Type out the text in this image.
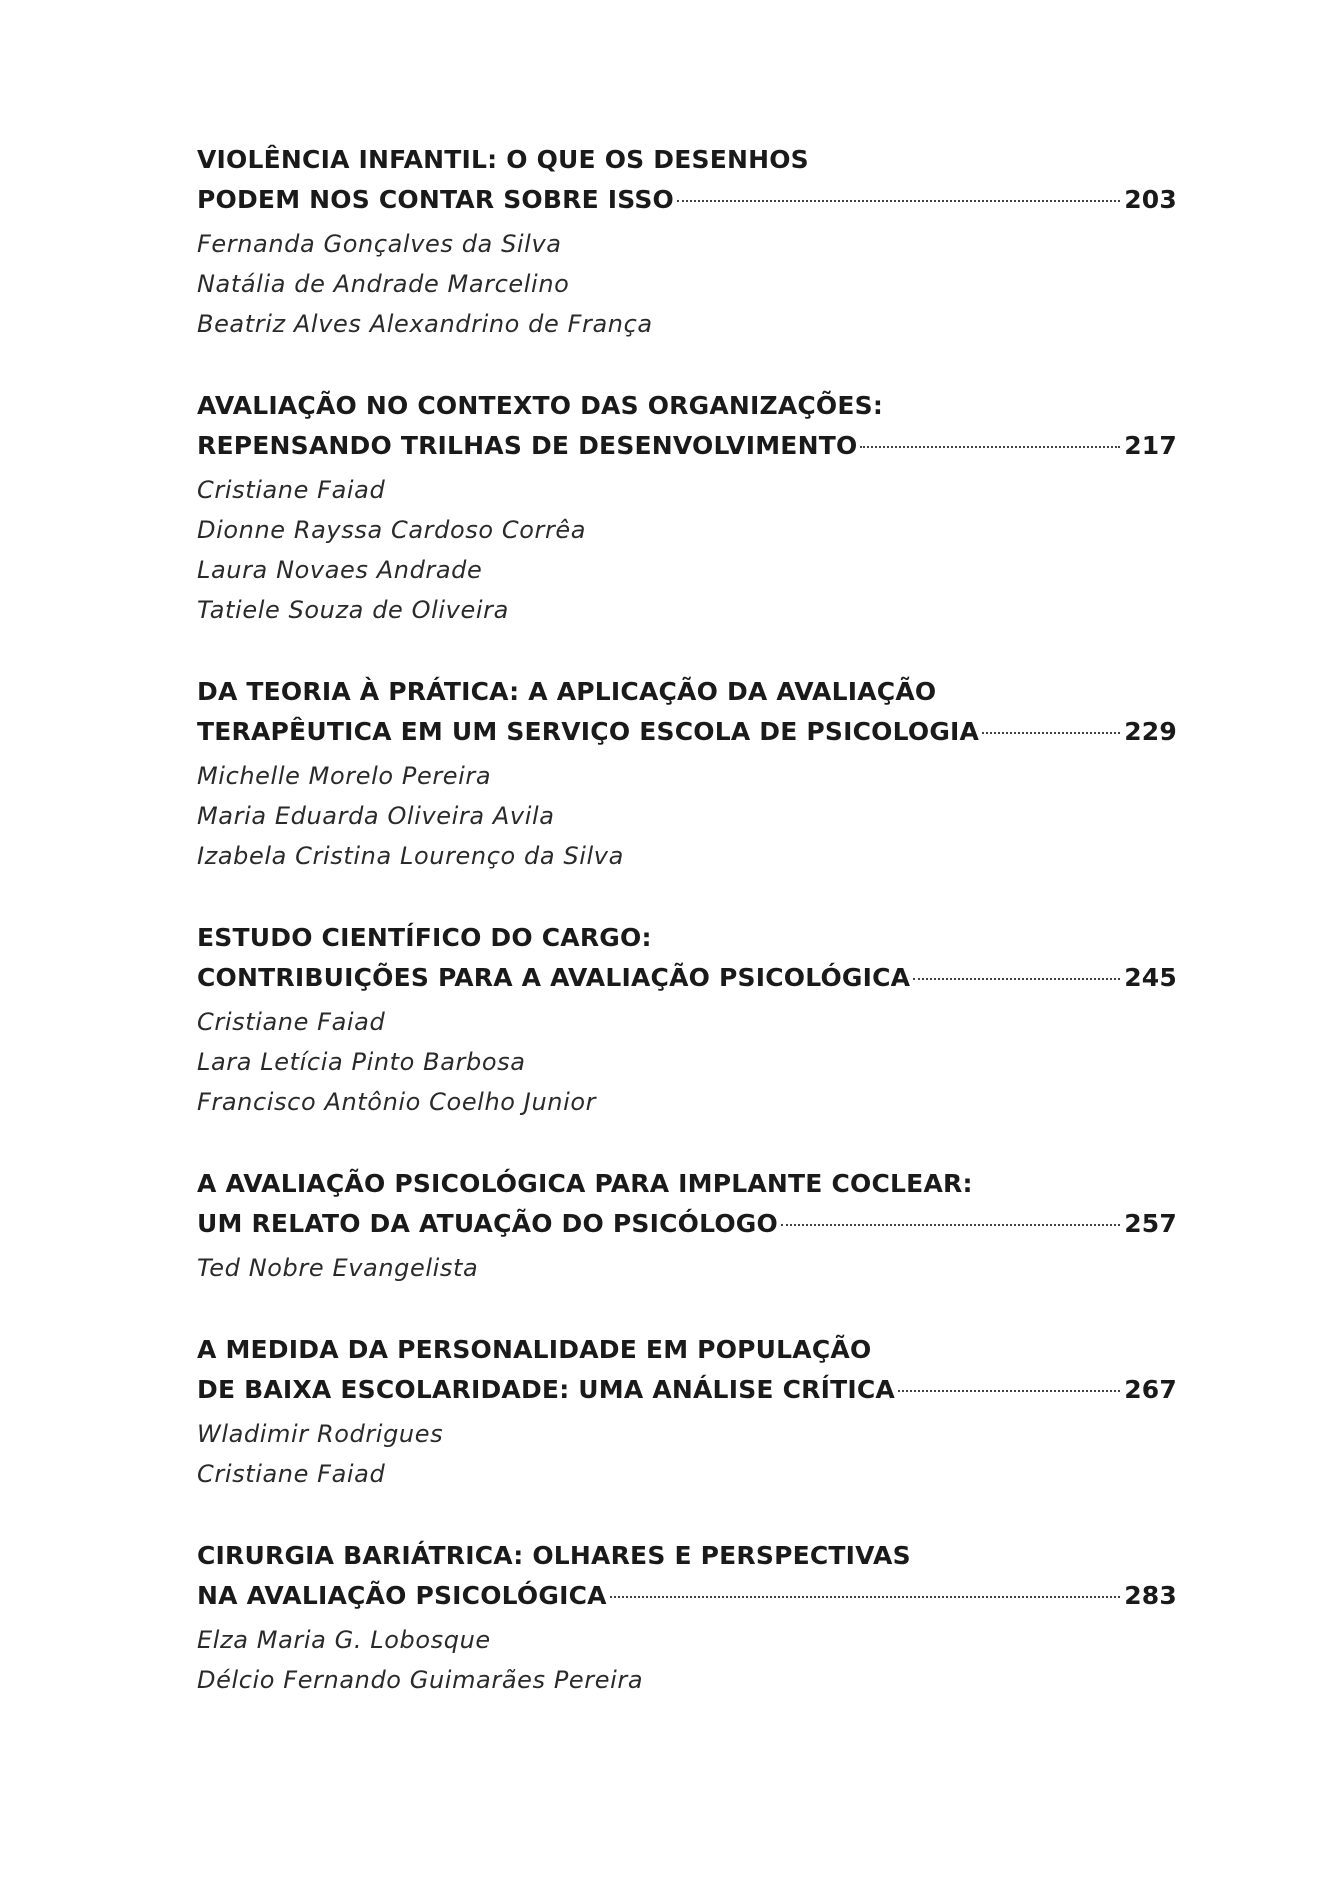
VIOLÊNCIA INFANTIL: O QUE OS DESENHOS
PODEM NOS CONTAR SOBRE ISSO	203
Fernanda Gonçalves da Silva
Natália de Andrade Marcelino
Beatriz Alves Alexandrino de França
AVALIAÇÃO NO CONTEXTO DAS ORGANIZAÇÕES:
REPENSANDO TRILHAS DE DESENVOLVIMENTO	217
Cristiane Faiad
Dionne Rayssa Cardoso Corrêa
Laura Novaes Andrade
Tatiele Souza de Oliveira
DA TEORIA À PRÁTICA: A APLICAÇÃO DA AVALIAÇÃO
TERAPÊUTICA EM UM SERVIÇO ESCOLA DE PSICOLOGIA	229
Michelle Morelo Pereira
Maria Eduarda Oliveira Avila
Izabela Cristina Lourenço da Silva
ESTUDO CIENTÍFICO DO CARGO:
CONTRIBUIÇÕES PARA A AVALIAÇÃO PSICOLÓGICA	245
Cristiane Faiad
Lara Letícia Pinto Barbosa
Francisco Antônio Coelho Junior
A AVALIAÇÃO PSICOLÓGICA PARA IMPLANTE COCLEAR:
UM RELATO DA ATUAÇÃO DO PSICÓLOGO	257
Ted Nobre Evangelista
A MEDIDA DA PERSONALIDADE EM POPULAÇÃO
DE BAIXA ESCOLARIDADE: UMA ANÁLISE CRÍTICA	267
Wladimir Rodrigues
Cristiane Faiad
CIRURGIA BARIÁTRICA: OLHARES E PERSPECTIVAS
NA AVALIAÇÃO PSICOLÓGICA	283
Elza Maria G. Lobosque
Délcio Fernando Guimarães Pereira
